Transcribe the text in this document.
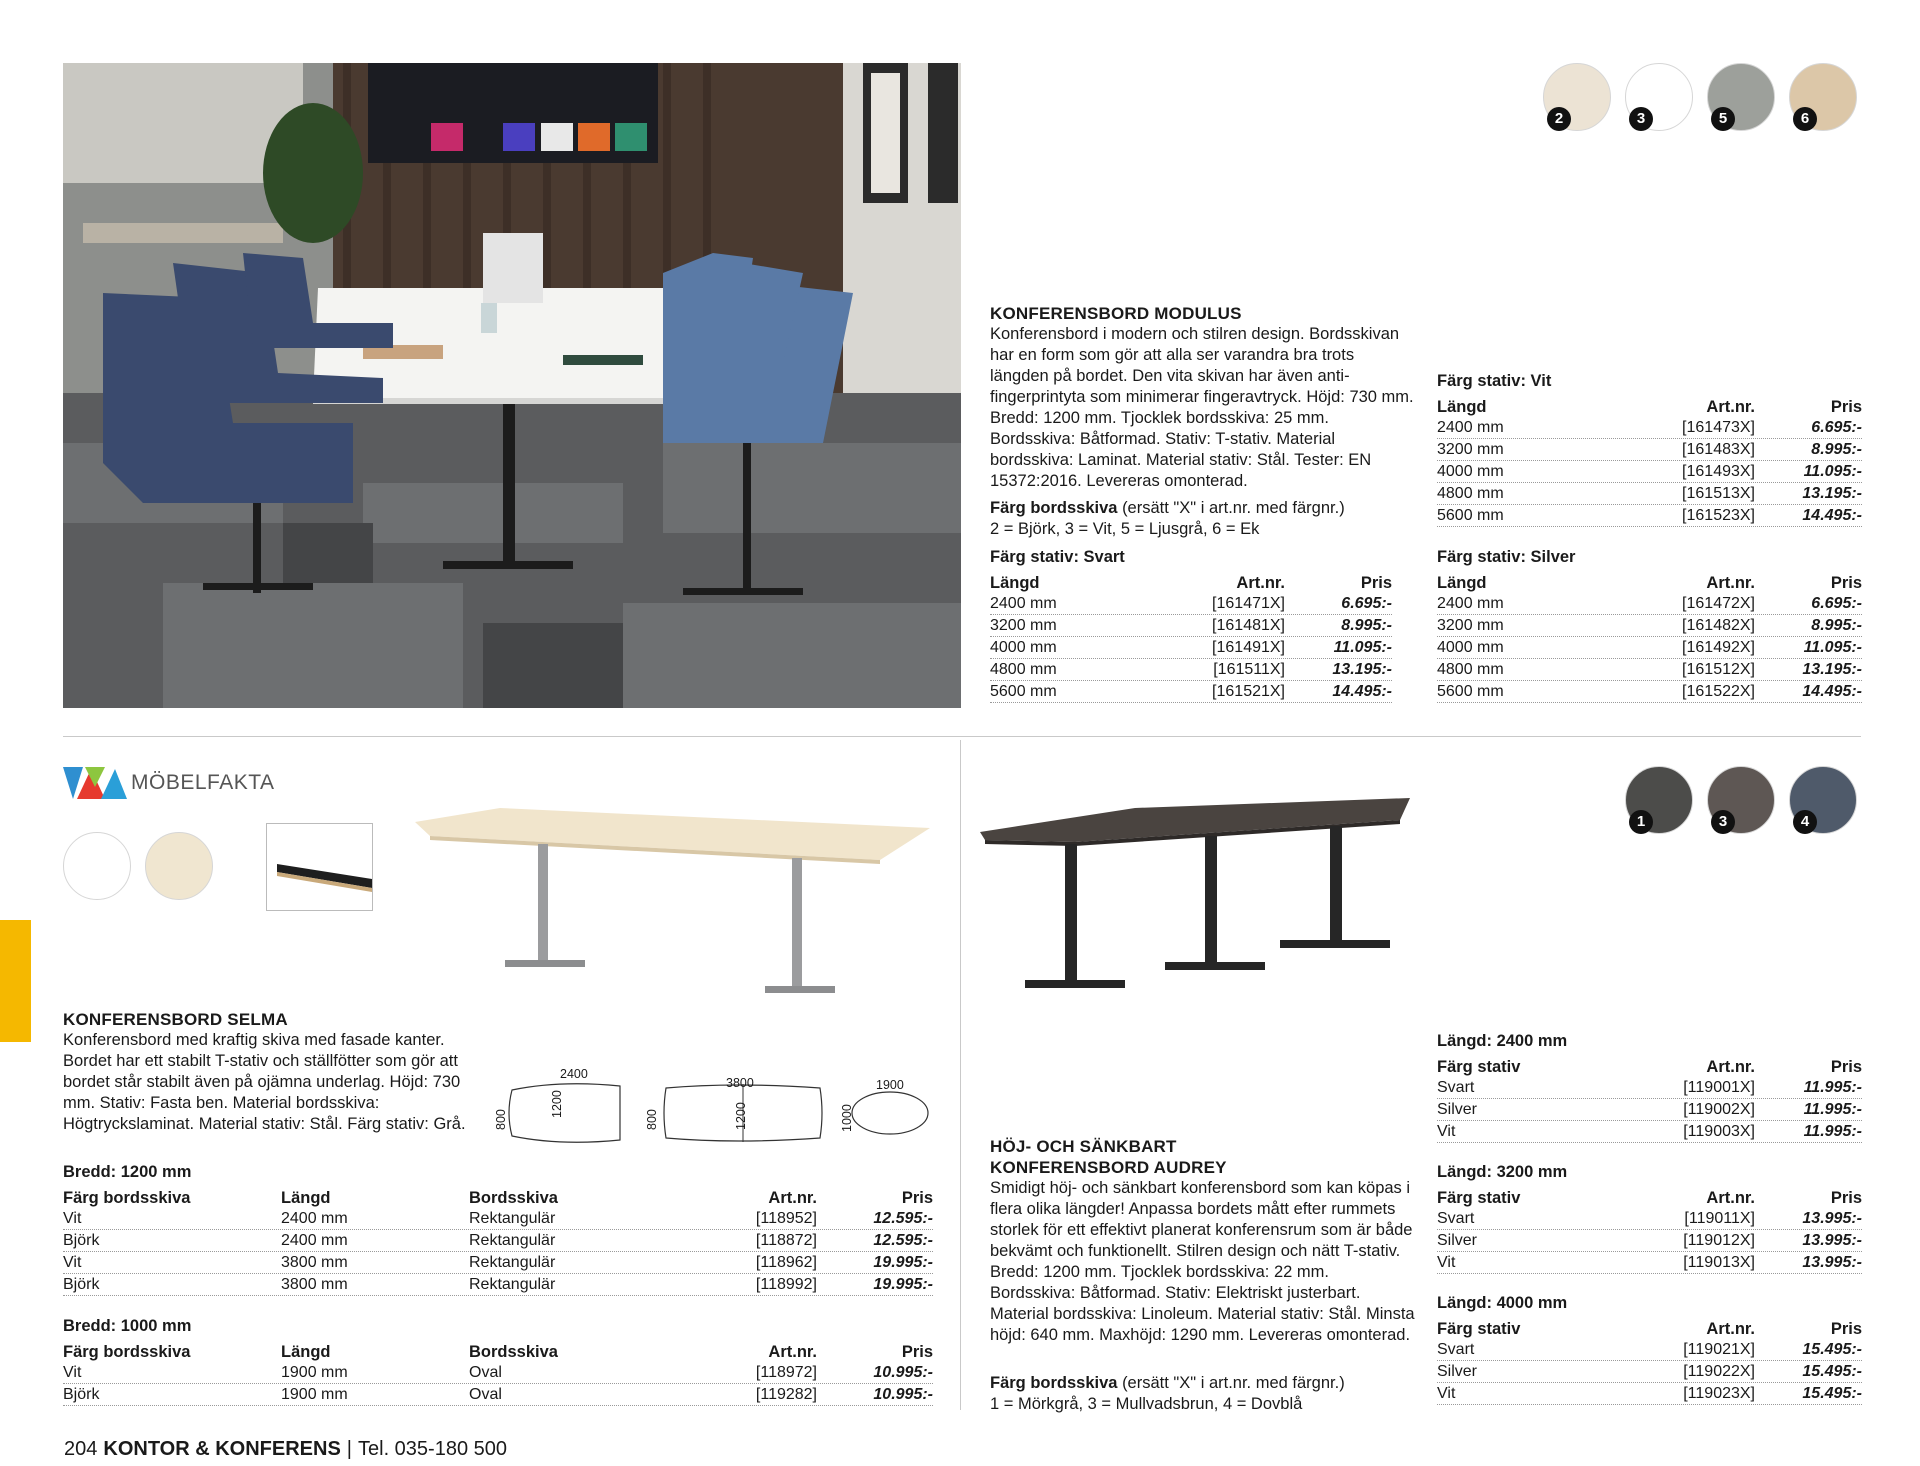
2	3	5	6
KONFERENSBORD MODULUS
Konferensbord i modern och stilren design. Bordsskivan har en form som gör att alla ser varandra bra trots längden på bordet. Den vita skivan har även anti-fingerprintyta som minimerar fingeravtryck. Höjd: 730 mm. Bredd: 1200 mm. Tjocklek bordsskiva: 25 mm. Bordsskiva: Båtformad. Stativ: T-stativ. Material bordsskiva: Laminat. Material stativ: Stål. Tester: EN 15372:2016. Levereras omonterad.
Färg bordsskiva (ersätt "X" i art.nr. med färgnr.)
2 = Björk, 3 = Vit, 5 = Ljusgrå, 6 = Ek
Färg stativ: Svart
Längd	Art.nr.	Pris
2400 mm	[161471X]	6.695:-
3200 mm	[161481X]	8.995:-
4000 mm	[161491X]	11.095:-
4800 mm	[161511X]	13.195:-
5600 mm	[161521X]	14.495:-
Färg stativ: Vit
Längd	Art.nr.	Pris
2400 mm	[161473X]	6.695:-
3200 mm	[161483X]	8.995:-
4000 mm	[161493X]	11.095:-
4800 mm	[161513X]	13.195:-
5600 mm	[161523X]	14.495:-
Färg stativ: Silver
Längd	Art.nr.	Pris
2400 mm	[161472X]	6.695:-
3200 mm	[161482X]	8.995:-
4000 mm	[161492X]	11.095:-
4800 mm	[161512X]	13.195:-
5600 mm	[161522X]	14.495:-
MÖBELFAKTA
KONFERENSBORD SELMA
Konferensbord med kraftig skiva med fasade kanter. Bordet har ett stabilt T-stativ och ställfötter som gör att bordet står stabilt även på ojämna underlag. Höjd: 730 mm. Stativ: Fasta ben. Material bordsskiva: Högtryckslaminat. Material stativ: Stål. Färg stativ: Grå.
2400
1200
800
3800
1200
800
1900
1000
Bredd: 1200 mm
Färg bordsskiva	Längd	Bordsskiva	Art.nr.	Pris
Vit	2400 mm	Rektangulär	[118952]	12.595:-
Björk	2400 mm	Rektangulär	[118872]	12.595:-
Vit	3800 mm	Rektangulär	[118962]	19.995:-
Björk	3800 mm	Rektangulär	[118992]	19.995:-
Bredd: 1000 mm
Färg bordsskiva	Längd	Bordsskiva	Art.nr.	Pris
Vit	1900 mm	Oval	[118972]	10.995:-
Björk	1900 mm	Oval	[119282]	10.995:-
1	3	4
HÖJ- OCH SÄNKBART KONFERENSBORD AUDREY
Smidigt höj- och sänkbart konferensbord som kan köpas i flera olika längder! Anpassa bordets mått efter rummets storlek för ett effektivt planerat konferensrum som är både bekvämt och funktionellt. Stilren design och nätt T-stativ. Bredd: 1200 mm. Tjocklek bordsskiva: 22 mm. Bordsskiva: Båtformad. Stativ: Elektriskt justerbart. Material bordsskiva: Linoleum. Material stativ: Stål. Minsta höjd: 640 mm. Maxhöjd: 1290 mm. Levereras omonterad.
Färg bordsskiva (ersätt "X" i art.nr. med färgnr.)
1 = Mörkgrå, 3 = Mullvadsbrun, 4 = Dovblå
Längd: 2400 mm
Färg stativ	Art.nr.	Pris
Svart	[119001X]	11.995:-
Silver	[119002X]	11.995:-
Vit	[119003X]	11.995:-
Längd: 3200 mm
Färg stativ	Art.nr.	Pris
Svart	[119011X]	13.995:-
Silver	[119012X]	13.995:-
Vit	[119013X]	13.995:-
Längd: 4000 mm
Färg stativ	Art.nr.	Pris
Svart	[119021X]	15.495:-
Silver	[119022X]	15.495:-
Vit	[119023X]	15.495:-
204 KONTOR & KONFERENS | Tel. 035-180 500
